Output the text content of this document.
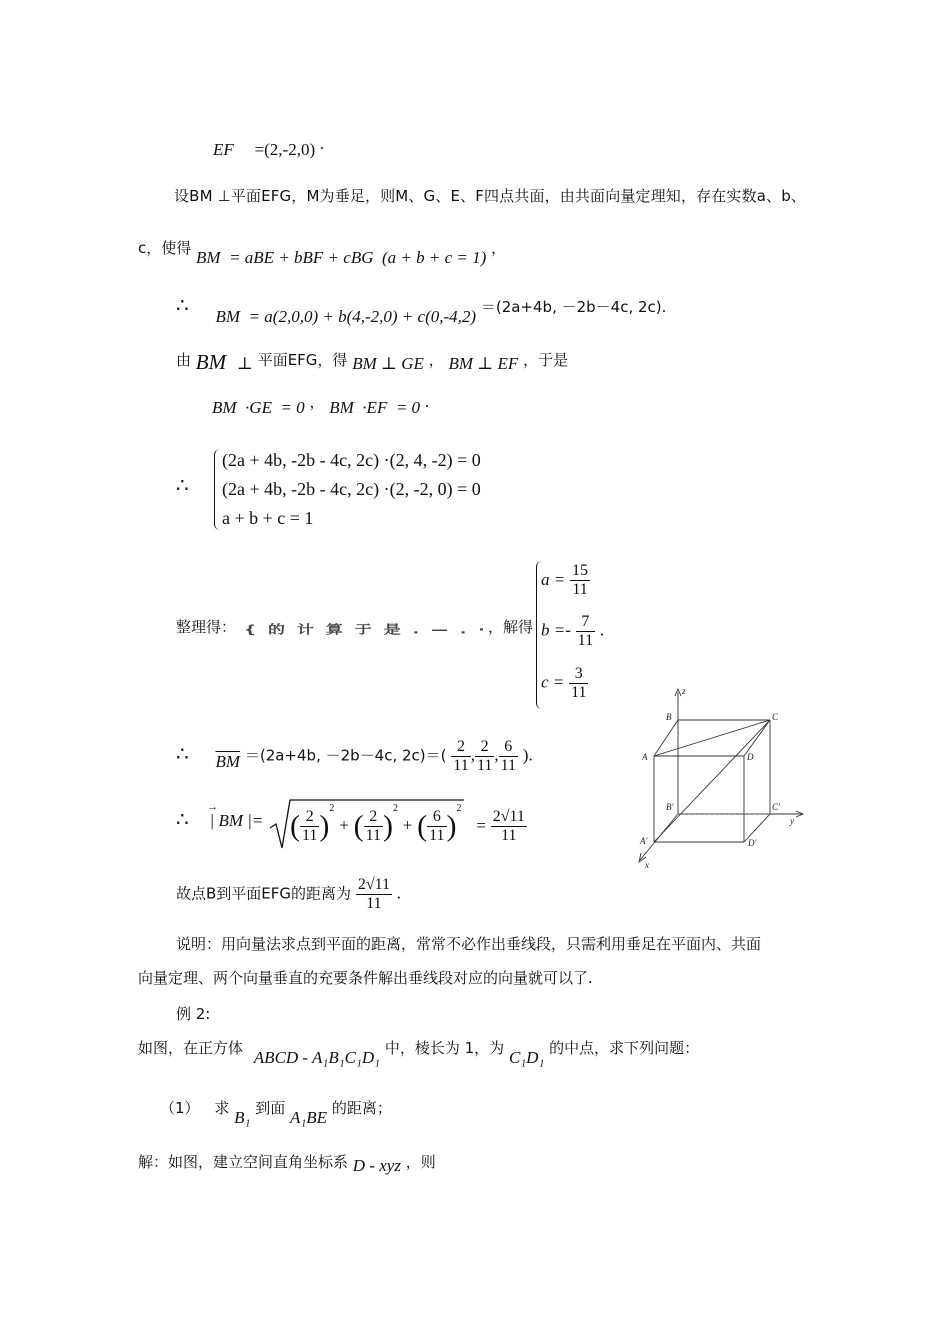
EF =(2,‑2,0) .
设BM ⊥平面EFG，M为垂足，则M、G、E、F四点共面，由共面向量定理知，存在实数a、b、
c，使得 BM  = aBE + bBF + cBG  (a + b + c = 1) ，
∴ BM  = a(2,0,0) + b(4,‑2,0) + c(0,‑4,2) ＝(2a+4b, －2b－4c, 2c).
由 BM ⊥ 平面EFG，得 BM ⊥ GE ， BM ⊥ EF ，于是
BM  ·GE  = 0 ， BM  ·EF  = 0 .
∴
(2a + 4b, ‑2b ‑ 4c, 2c) ·(2, 4, ‑2) = 0
(2a + 4b, ‑2b ‑ 4c, 2c) ·(2, ‑2, 0) = 0
a + b + c = 1
整理得： { 的 计 算 于 是 . — . · ，解得
$a = \frac{15}{11}$
b =‑ $\frac{7}{11}$ .
$c = \frac{3}{11}$
∴ $\overline{BM} =(2a+4b$, －2b－4c, $2c)=( \frac{2}{11}$ , $\frac{2}{11}$ , $\frac{6}{11}$ ).
∴ | BM |=
→
( $\frac{2}{11} )^2$ + ( $\frac{2}{11} )^2$ + ( $\frac{6}{11} )^2 = \frac{2√11}{11}$
故点B到平面EFG的距离为 $\frac{2√11}{11}$ .
说明：用向量法求点到平面的距离，常常不必作出垂线段，只需利用垂足在平面内、共面
向量定理、两个向量垂直的充要条件解出垂线段对应的向量就可以了.
例 2:
如图，在正方体 ABCD ‑ A₁B₁C₁D₁ 中，棱长为 1，为 C₁D₁ 的中点，求下列问题：
（1） 求 B₁ 到面 A₁BE 的距离；
解：如图，建立空间直角坐标系 D ‑ xyz ，则
z
y
x
B	C
A	D
B′	C′
A′	D′
